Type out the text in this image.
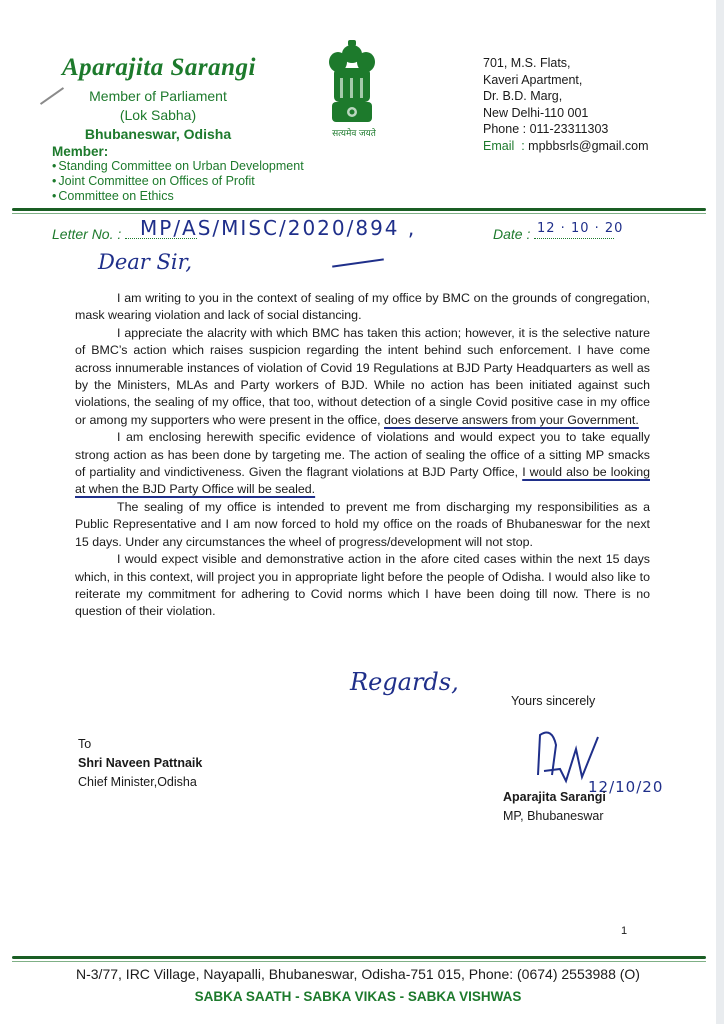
Aparajita Sarangi
Member of Parliament
(Lok Sabha)
Bhubaneswar, Odisha
Member:
• Standing Committee on Urban Development
• Joint Committee on Offices of Profit
• Committee on Ethics
सत्यमेव जयते
701, M.S. Flats,
Kaveri Apartment,
Dr. B.D. Marg,
New Delhi-110 001
Phone : 011-23311303
Email  : mpbbsrls@gmail.com
Letter No. : MP/AS/MISC/2020/894 ,	Date : 12 · 10 · 20
Dear Sir,

I am writing to you in the context of sealing of my office by BMC on the grounds of congregation, mask wearing violation and lack of social distancing.

I appreciate the alacrity with which BMC has taken this action; however, it is the selective nature of BMC’s action which raises suspicion regarding the intent behind such enforcement. I have come across innumerable instances of violation of Covid 19 Regulations at BJD Party Headquarters as well as by the Ministers, MLAs and Party workers of BJD. While no action has been initiated against such violations, the sealing of my office, that too, without detection of a single Covid positive case in my office or among my supporters who were present in the office, does deserve answers from your Government.

I am enclosing herewith specific evidence of violations and would expect you to take equally strong action as has been done by targeting me. The action of sealing the office of a sitting MP smacks of partiality and vindictiveness. Given the flagrant violations at BJD Party Office, I would also be looking at when the BJD Party Office will be sealed.

The sealing of my office is intended to prevent me from discharging my responsibilities as a Public Representative and I am now forced to hold my office on the roads of Bhubaneswar for the next 15 days. Under any circumstances the wheel of progress/development will not stop.

I would expect visible and demonstrative action in the afore cited cases within the next 15 days which, in this context, will project you in appropriate light before the people of Odisha. I would also like to reiterate my commitment for adhering to Covid norms which I have been doing till now. There is no question of their violation.

Regards,
Yours sincerely
To
Shri Naveen Pattnaik
Chief Minister,Odisha	12/10/20
Aparajita Sarangi
MP, Bhubaneswar
1
N-3/77, IRC Village, Nayapalli, Bhubaneswar, Odisha-751 015, Phone: (0674) 2553988 (O)
SABKA SAATH - SABKA VIKAS - SABKA VISHWAS
